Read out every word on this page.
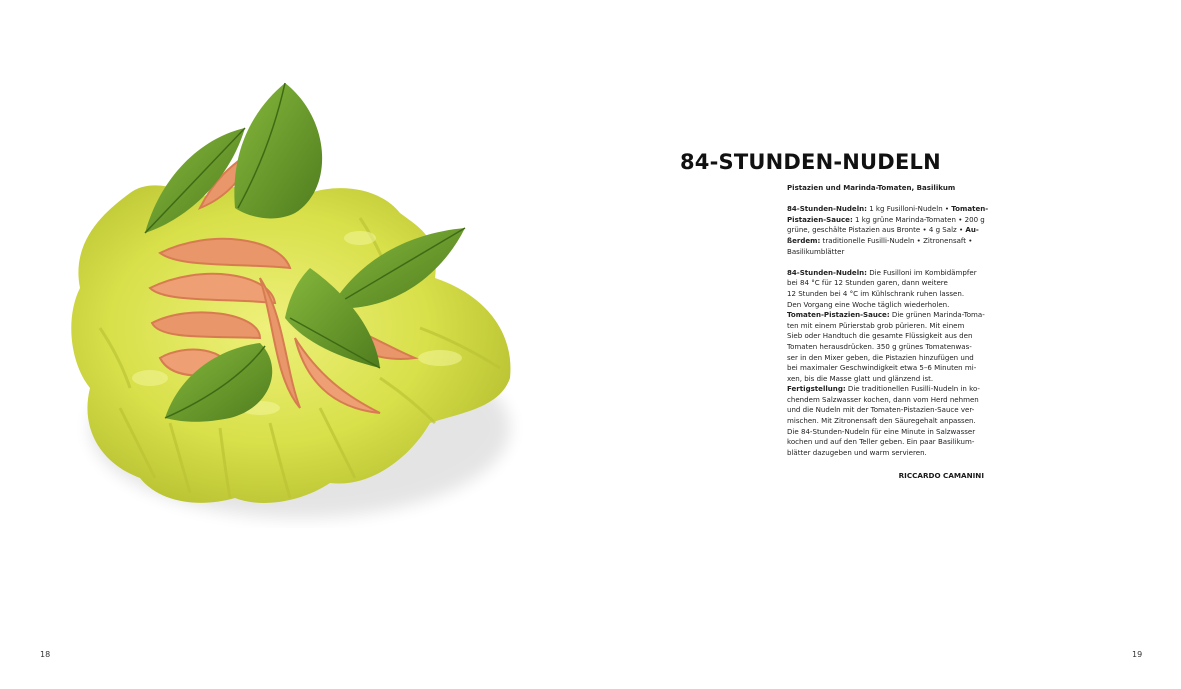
18
84-STUNDEN-NUDELN
Pistazien und Marinda-Tomaten, Basilikum
84-Stunden-Nudeln: 1 kg Fusilloni-Nudeln • Tomaten-
Pistazien-Sauce: 1 kg grüne Marinda-Tomaten • 200 g
grüne, geschälte Pistazien aus Bronte • 4 g Salz • Au-
ßerdem: traditionelle Fusilli-Nudeln • Zitronensaft •
Basilikumblätter
84-Stunden-Nudeln: Die Fusilloni im Kombidämpfer
bei 84 °C für 12 Stunden garen, dann weitere
12 Stunden bei 4 °C im Kühlschrank ruhen lassen.
Den Vorgang eine Woche täglich wiederholen.
Tomaten-Pistazien-Sauce: Die grünen Marinda-Toma-
ten mit einem Pürierstab grob pürieren. Mit einem
Sieb oder Handtuch die gesamte Flüssigkeit aus den
Tomaten herausdrücken. 350 g grünes Tomatenwas-
ser in den Mixer geben, die Pistazien hinzufügen und
bei maximaler Geschwindigkeit etwa 5–6 Minuten mi-
xen, bis die Masse glatt und glänzend ist.
Fertigstellung: Die traditionellen Fusilli-Nudeln in ko-
chendem Salzwasser kochen, dann vom Herd nehmen
und die Nudeln mit der Tomaten-Pistazien-Sauce ver-
mischen. Mit Zitronensaft den Säuregehalt anpassen.
Die 84-Stunden-Nudeln für eine Minute in Salzwasser
kochen und auf den Teller geben. Ein paar Basilikum-
blätter dazugeben und warm servieren.
RICCARDO CAMANINI
19
